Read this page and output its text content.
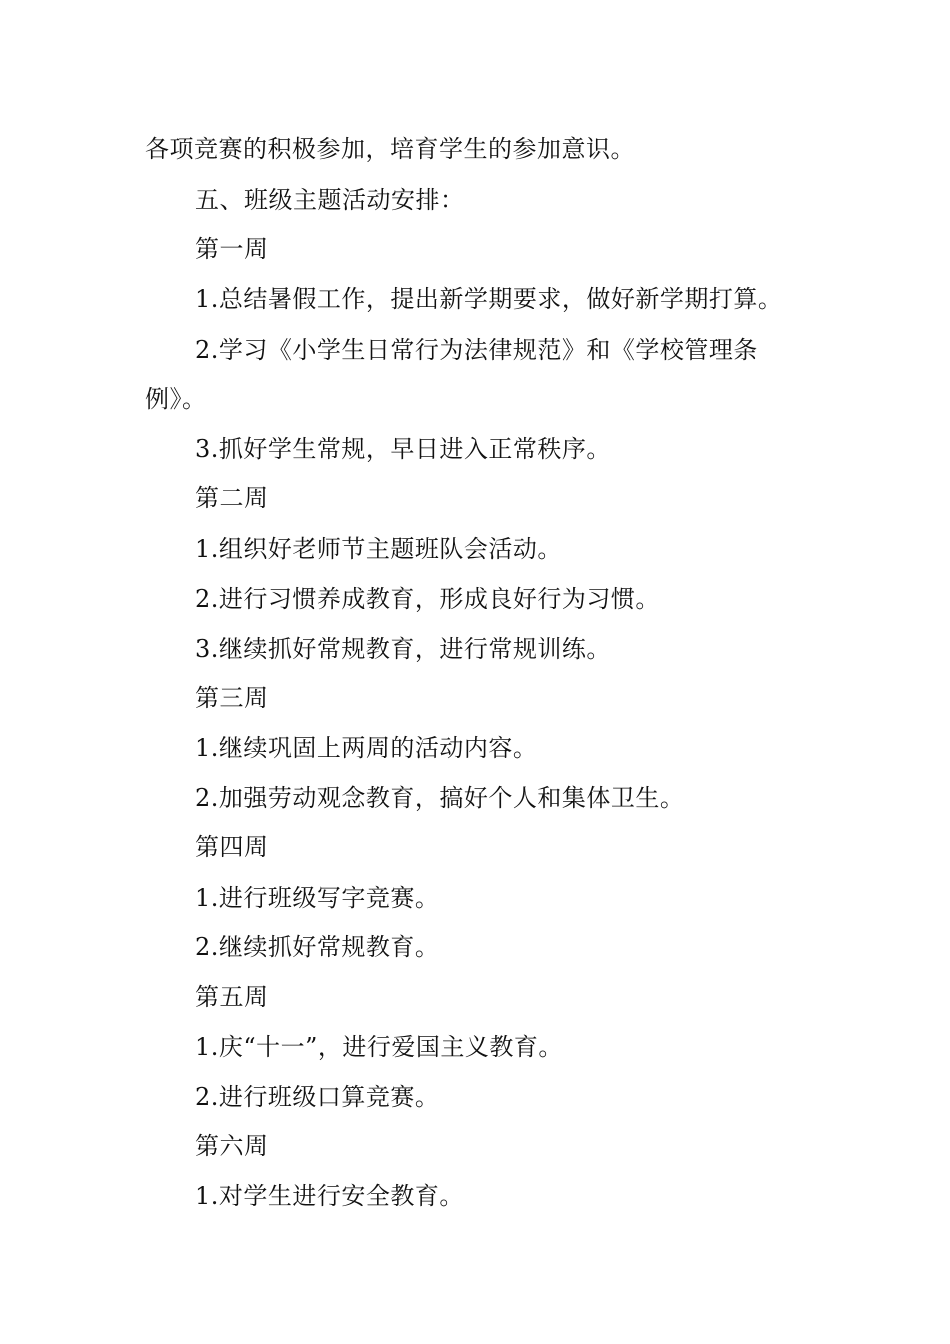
各项竞赛的积极参加，培育学生的参加意识。
五、班级主题活动安排：
第一周
1.总结暑假工作，提出新学期要求，做好新学期打算。
2.学习《小学生日常行为法律规范》和《学校管理条
例》。
3.抓好学生常规，早日进入正常秩序。
第二周
1.组织好老师节主题班队会活动。
2.进行习惯养成教育，形成良好行为习惯。
3.继续抓好常规教育，进行常规训练。
第三周
1.继续巩固上两周的活动内容。
2.加强劳动观念教育，搞好个人和集体卫生。
第四周
1.进行班级写字竞赛。
2.继续抓好常规教育。
第五周
1.庆“十一”，进行爱国主义教育。
2.进行班级口算竞赛。
第六周
1.对学生进行安全教育。
